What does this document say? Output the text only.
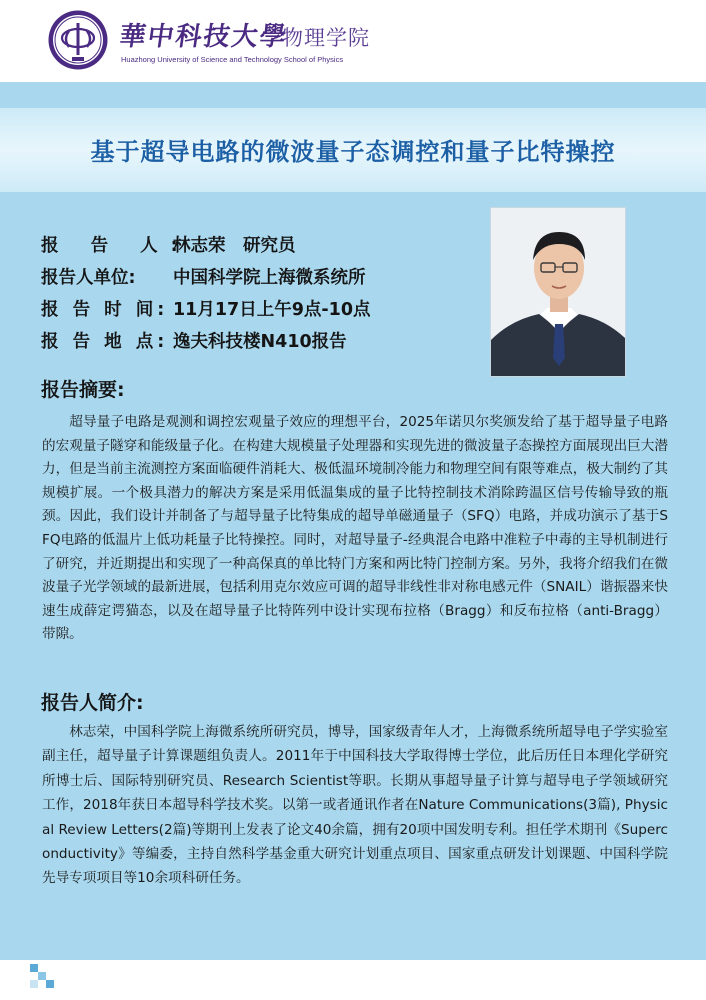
華中科技大學
物理学院
Huazhong University of Science and Technology School of Physics
基于超导电路的微波量子态调控和量子比特操控
报 告 人:
林志荣　研究员
报告人单位:	中国科学院上海微系统所
报 告 时 间: 11月17日上午9点-10点
报 告 地 点: 逸夫科技楼N410报告
报告摘要:

超导量子电路是观测和调控宏观量子效应的理想平台，2025年诺贝尔奖颁发给了基于超导量子电路的宏观量子隧穿和能级量子化。在构建大规模量子处理器和实现先进的微波量子态操控方面展现出巨大潜力，但是当前主流测控方案面临硬件消耗大、极低温环境制冷能力和物理空间有限等难点，极大制约了其规模扩展。一个极具潜力的解决方案是采用低温集成的量子比特控制技术消除跨温区信号传输导致的瓶颈。因此，我们设计并制备了与超导量子比特集成的超导单磁通量子（SFQ）电路，并成功演示了基于SFQ电路的低温片上低功耗量子比特操控。同时，对超导量子-经典混合电路中准粒子中毒的主导机制进行了研究，并近期提出和实现了一种高保真的单比特门方案和两比特门控制方案。另外，我将介绍我们在微波量子光学领域的最新进展，包括利用克尔效应可调的超导非线性非对称电感元件（SNAIL）谐振器来快速生成薛定谔猫态，以及在超导量子比特阵列中设计实现布拉格（Bragg）和反布拉格（anti-Bragg）带隙。

报告人简介:

林志荣，中国科学院上海微系统所研究员，博导，国家级青年人才，上海微系统所超导电子学实验室副主任，超导量子计算课题组负责人。2011年于中国科技大学取得博士学位，此后历任日本理化学研究所博士后、国际特别研究员、Research Scientist等职。长期从事超导量子计算与超导电子学领域研究工作，2018年获日本超导科学技术奖。以第一或者通讯作者在Nature Communications(3篇), Physical Review Letters(2篇)等期刊上发表了论文40余篇，拥有20项中国发明专利。担任学术期刊《Superconductivity》等编委，主持自然科学基金重大研究计划重点项目、国家重点研发计划课题、中国科学院先导专项项目等10余项科研任务。
